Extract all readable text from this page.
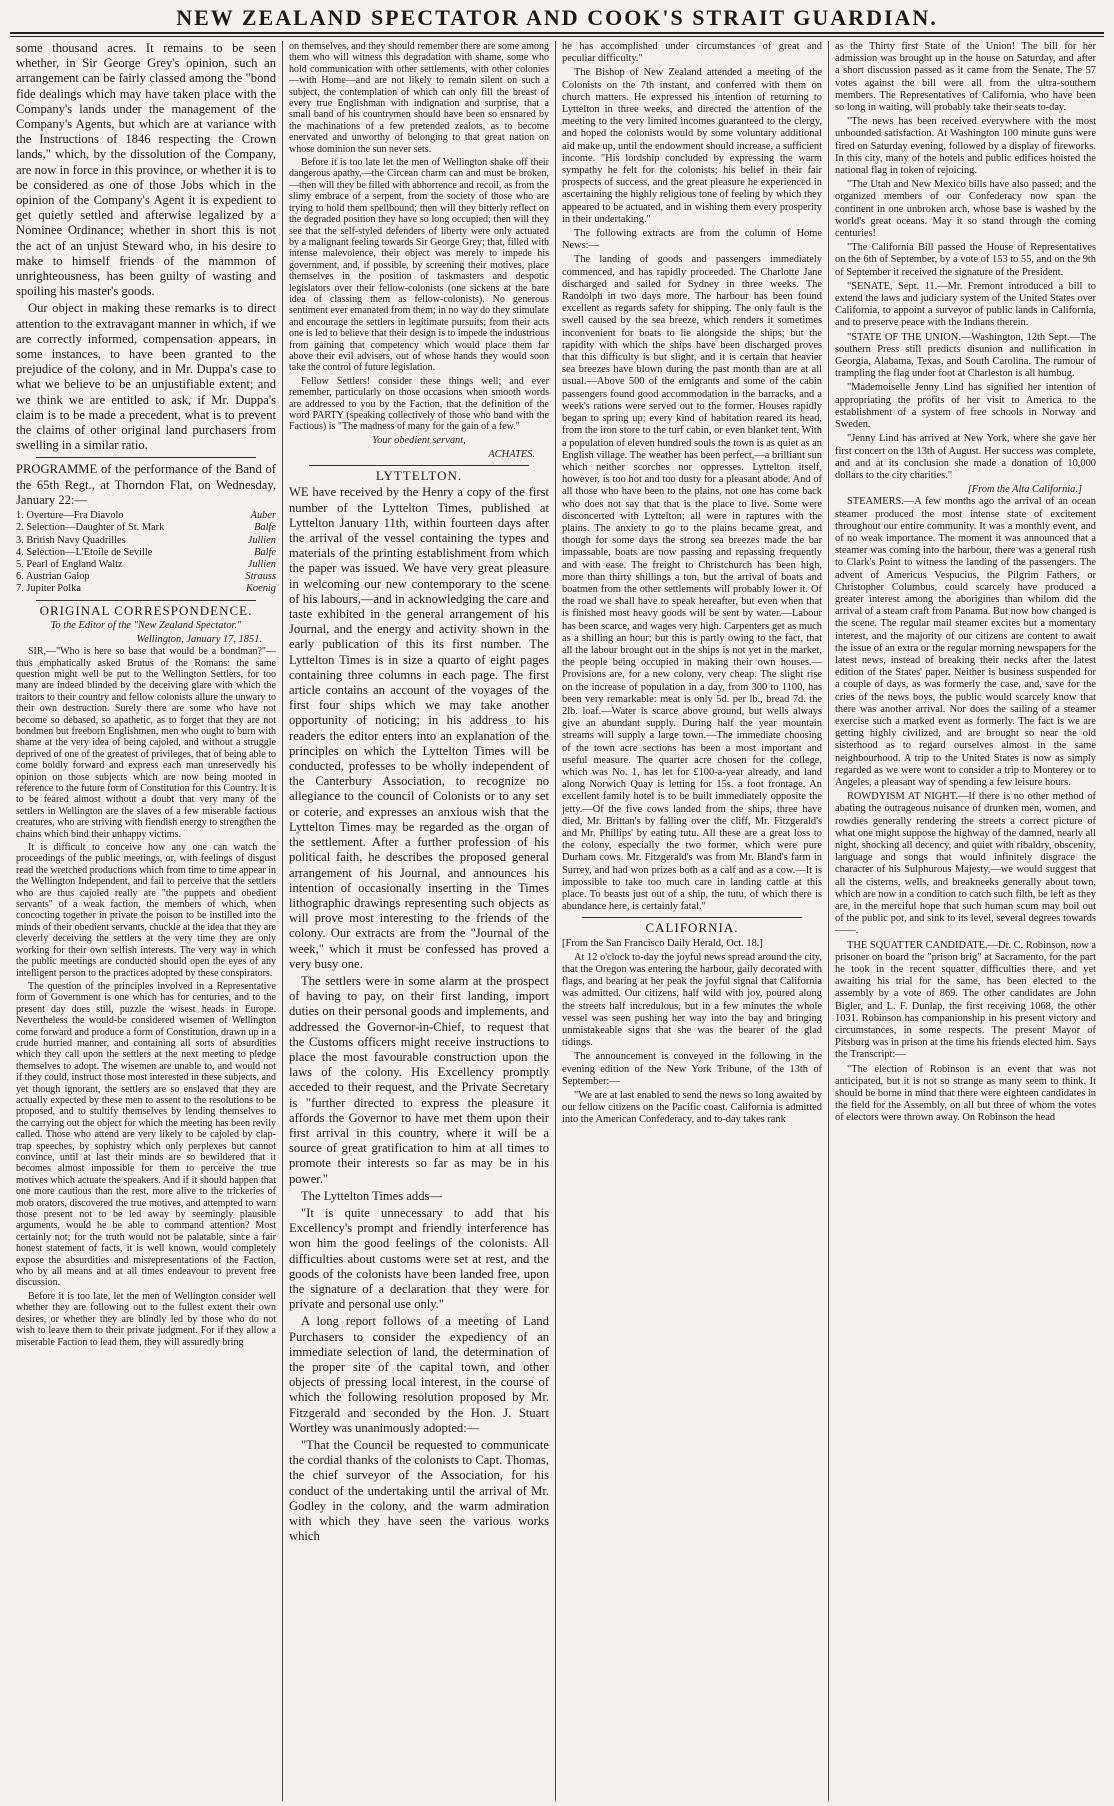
NEW ZEALAND SPECTATOR AND COOK'S STRAIT GUARDIAN.

some thousand acres. It remains to be seen whether, in Sir George Grey's opinion, such an arrangement can be fairly classed among the "bond fide dealings which may have taken place with the Company's lands under the management of the Company's Agents, but which are at variance with the Instructions of 1846 respecting the Crown lands," which, by the dissolution of the Company, are now in force in this province, or whether it is to be considered as one of those Jobs which in the opinion of the Company's Agent it is expedient to get quietly settled and afterwise legalized by a Nominee Ordinance; whether in short this is not the act of an unjust Steward who, in his desire to make to himself friends of the mammon of unrighteousness, has been guilty of wasting and spoiling his master's goods.

Our object in making these remarks is to direct attention to the extravagant manner in which, if we are correctly informed, compensation appears, in some instances, to have been granted to the prejudice of the colony, and in Mr. Duppa's case to what we believe to be an unjustifiable extent; and we think we are entitled to ask, if Mr. Duppa's claim is to be made a precedent, what is to prevent the claims of other original land purchasers from swelling in a similar ratio.

PROGRAMME of the performance of the Band of the 65th Regt., at Thorndon Flat, on Wednesday, January 22:—

1. Overture—Fra Diavolo	Auber
2. Selection—Daughter of St. Mark	Balfe
3. British Navy Quadrilles	Jullien
4. Selection—L'Etoile de Seville	Balfe
5. Pearl of England Waltz	Jullien
6. Austrian Galop	Strauss
7. Jupiter Polka	Koenig
ORIGINAL CORRESPONDENCE.
To the Editor of the "New Zealand Spectator."
Wellington, January 17, 1851.

SIR,—"Who is here so base that would be a bondman?"—thus emphatically asked Brutus of the Romans: the same question might well be put to the Wellington Settlers, for too many are indeed blinded by the deceiving glare with which the traitors to their country and fellow colonists allure the unwary to their own destruction. Surely there are some who have not become so debased, so apathetic, as to forget that they are not bondmen but freeborn Englishmen, men who ought to burn with shame at the very idea of being cajoled, and without a struggle deprived of one of the greatest of privileges, that of being able to come boldly forward and express each man unreservedly his opinion on those subjects which are now being mooted in reference to the future form of Constitution for this Country. It is to be feared almost without a doubt that very many of the settlers in Wellington are the slaves of a few miserable factious creatures, who are striving with fiendish energy to strengthen the chains which bind their unhappy victims.

It is difficult to conceive how any one can watch the proceedings of the public meetings, or, with feelings of disgust read the wretched productions which from time to time appear in the Wellington Independent, and fail to perceive that the settlers who are thus cajoled really are "the puppets and obedient servants" of a weak faction, the members of which, when concocting together in private the poison to be instilled into the minds of their obedient servants, chuckle at the idea that they are cleverly deceiving the settlers at the very time they are only working for their own selfish interests. The very way in which the public meetings are conducted should open the eyes of any intelligent person to the practices adopted by these conspirators.

The question of the principles involved in a Representative form of Government is one which has for centuries, and to the present day does still, puzzle the wisest heads in Europe. Nevertheless the would-be considered wisemen of Wellington come forward and produce a form of Constitution, drawn up in a crude hurried manner, and containing all sorts of absurdities which they call upon the settlers at the next meeting to pledge themselves to adopt. The wisemen are unable to, and would not if they could, instruct those most interested in these subjects, and yet though ignorant, the settlers are so enslaved that they are actually expected by these men to assent to the resolutions to be proposed, and to stultify themselves by lending themselves to the carrying out the object for which the meeting has been revily called. Those who attend are very likely to be cajoled by clap-trap speeches, by sophistry which only perplexes but cannot convince, until at last their minds are so bewildered that it becomes almost impossible for them to perceive the true motives which actuate the speakers. And if it should happen that one more cautious than the rest, more alive to the trickeries of mob orators, discovered the true motives, and attempted to warn those present not to be led away by seemingly plausible arguments, would he be able to command attention? Most certainly not; for the truth would not be palatable, since a fair honest statement of facts, it is well known, would completely expose the absurdities and misrepresentations of the Faction, who by all means and at all times endeavour to prevent free discussion.

Before it is too late, let the men of Wellington consider well whether they are following out to the fullest extent their own desires, or whether they are blindly led by those who do not wish to leave them to their private judgment. For if they allow a miserable Faction to lead them, they will assuredly bring

on themselves, and they should remember there are some among them who will witness this degradation with shame, some who hold communication with other settlements, with other colonies—with Home—and are not likely to remain silent on such a subject, the contemplation of which can only fill the breast of every true Englishman with indignation and surprise, that a small band of his countrymen should have been so ensnared by the machinations of a few pretended zealots, as to become enervated and unworthy of belonging to that great nation on whose dominion the sun never sets.

Before it is too late let the men of Wellington shake off their dangerous apathy,—the Circean charm can and must be broken,—then will they be filled with abhorrence and recoil, as from the slimy embrace of a serpent, from the society of those who are trying to hold them spellbound; then will they bitterly reflect on the degraded position they have so long occupied; then will they see that the self-styled defenders of liberty were only actuated by a malignant feeling towards Sir George Grey; that, filled with intense malevolence, their object was merely to impede his government, and, if possible, by screening their motives, place themselves in the position of taskmasters and despotic legislators over their fellow-colonists (one sickens at the bare idea of classing them as fellow-colonists). No generous sentiment ever emanated from them; in no way do they stimulate and encourage the settlers in legitimate pursuits; from their acts one is led to believe that their design is to impede the industrious from gaining that competency which would place them far above their evil advisers, out of whose hands they would soon take the control of future legislation.

Fellow Settlers! consider these things well; and ever remember, particularly on those occasions when smooth words are addressed to you by the Faction, that the definition of the word PARTY (speaking collectively of those who band with the Factious) is "The madness of many for the gain of a few."

Your obedient servant,
ACHATES.
LYTTELTON.

WE have received by the Henry a copy of the first number of the Lyttelton Times, published at Lyttelton January 11th, within fourteen days after the arrival of the vessel containing the types and materials of the printing establishment from which the paper was issued. We have very great pleasure in welcoming our new contemporary to the scene of his labours,—and in acknowledging the care and taste exhibited in the general arrangement of his Journal, and the energy and activity shown in the early publication of this its first number. The Lyttelton Times is in size a quarto of eight pages containing three columns in each page. The first article contains an account of the voyages of the first four ships which we may take another opportunity of noticing; in his address to his readers the editor enters into an explanation of the principles on which the Lyttelton Times will be conducted, professes to be wholly independent of the Canterbury Association, to recognize no allegiance to the council of Colonists or to any set or coterie, and expresses an anxious wish that the Lyttelton Times may be regarded as the organ of the settlement. After a further profession of his political faith, he describes the proposed general arrangement of his Journal, and announces his intention of occasionally inserting in the Times lithographic drawings representing such objects as will prove most interesting to the friends of the colony. Our extracts are from the "Journal of the week," which it must be confessed has proved a very busy one.

The settlers were in some alarm at the prospect of having to pay, on their first landing, import duties on their personal goods and implements, and addressed the Governor-in-Chief, to request that the Customs officers might receive instructions to place the most favourable construction upon the laws of the colony. His Excellency promptly acceded to their request, and the Private Secretary is "further directed to express the pleasure it affords the Governor to have met them upon their first arrival in this country, where it will be a source of great gratification to him at all times to promote their interests so far as may be in his power."

The Lyttelton Times adds—

"It is quite unnecessary to add that his Excellency's prompt and friendly interference has won him the good feelings of the colonists. All difficulties about customs were set at rest, and the goods of the colonists have been landed free, upon the signature of a declaration that they were for private and personal use only."

A long report follows of a meeting of Land Purchasers to consider the expediency of an immediate selection of land, the determination of the proper site of the capital town, and other objects of pressing local interest, in the course of which the following resolution proposed by Mr. Fitzgerald and seconded by the Hon. J. Stuart Wortley was unanimously adopted:—

"That the Council be requested to communicate the cordial thanks of the colonists to Capt. Thomas, the chief surveyor of the Association, for his conduct of the undertaking until the arrival of Mr. Godley in the colony, and the warm admiration with which they have seen the various works which

he has accomplished under circumstances of great and peculiar difficulty."

The Bishop of New Zealand attended a meeting of the Colonists on the 7th instant, and conferred with them on church matters. He expressed his intention of returning to Lyttelton in three weeks, and directed the attention of the meeting to the very limited incomes guaranteed to the clergy, and hoped the colonists would by some voluntary additional aid make up, until the endowment should increase, a sufficient income. "His lordship concluded by expressing the warm sympathy he felt for the colonists; his belief in their fair prospects of success, and the great pleasure he experienced in ascertaining the highly religious tone of feeling by which they appeared to be actuated, and in wishing them every prosperity in their undertaking."

The following extracts are from the column of Home News:—

The landing of goods and passengers immediately commenced, and has rapidly proceeded. The Charlotte Jane discharged and sailed for Sydney in three weeks. The Randolph in two days more. The harbour has been found excellent as regards safety for shipping. The only fault is the swell caused by the sea breeze, which renders it sometimes inconvenient for boats to lie alongside the ships; but the rapidity with which the ships have been discharged proves that this difficulty is but slight, and it is certain that heavier sea breezes have blown during the past month than are at all usual.—Above 500 of the emigrants and some of the cabin passengers found good accommodation in the barracks, and a week's rations were served out to the former. Houses rapidly began to spring up; every kind of habitation reared its head, from the iron store to the turf cabin, or even blanket tent. With a population of eleven hundred souls the town is as quiet as an English village. The weather has been perfect,—a brilliant sun which neither scorches nor oppresses. Lyttelton itself, however, is too hot and too dusty for a pleasant abode. And of all those who have been to the plains, not one has come back who does not say that that is the place to live. Some were disconcerted with Lyttelton; all were in raptures with the plains. The anxiety to go to the plains became great, and though for some days the strong sea breezes made the bar impassable, boats are now passing and repassing frequently and with ease. The freight to Christchurch has been high, more than thirty shillings a ton, but the arrival of boats and boatmen from the other settlements will probably lower it. Of the road we shall have to speak hereafter, but even when that is finished most heavy goods will be sent by water.—Labour has been scarce, and wages very high. Carpenters get as much as a shilling an hour; but this is partly owing to the fact, that all the labour brought out in the ships is not yet in the market, the people being occupied in making their own houses.—Provisions are, for a new colony, very cheap. The slight rise on the increase of population in a day, from 300 to 1100, has been very remarkable: meat is only 5d. per lb., bread 7d. the 2lb. loaf.—Water is scarce above ground, but wells always give an abundant supply. During half the year mountain streams will supply a large town.—The immediate choosing of the town acre sections has been a most important and useful measure. The quarter acre chosen for the college, which was No. 1, has let for £100-a-year already, and land along Norwich Quay is letting for 15s. a foot frontage. An excellent family hotel is to be built immediately opposite the jetty.—Of the five cows landed from the ships, three have died, Mr. Brittan's by falling over the cliff, Mr. Fitzgerald's and Mr. Phillips' by eating tutu. All these are a great loss to the colony, especially the two former, which were pure Durham cows. Mr. Fitzgerald's was from Mr. Bland's farm in Surrey, and had won prizes both as a calf and as a cow.—It is impossible to take too much care in landing cattle at this place. To beasts just out of a ship, the tutu, of which there is abundance here, is certainly fatal."

CALIFORNIA.

[From the San Francisco Daily Herald, Oct. 18.]

At 12 o'clock to-day the joyful news spread around the city, that the Oregon was entering the harbour, gaily decorated with flags, and bearing at her peak the joyful signal that California was admitted. Our citizens, half wild with joy, poured along the streets half incredulous, but in a few minutes the whole vessel was seen pushing her way into the bay and bringing unmistakeable signs that she was the bearer of the glad tidings.

The announcement is conveyed in the following in the evening edition of the New York Tribune, of the 13th of September:—

"We are at last enabled to send the news so long awaited by our fellow citizens on the Pacific coast. California is admitted into the American Confederacy, and to-day takes rank

as the Thirty first State of the Union! The bill for her admission was brought up in the house on Saturday, and after a short discussion passed as it came from the Senate. The 57 votes against the bill were all from the ultra-southern members. The Representatives of California, who have been so long in waiting, will probably take their seats to-day.

"The news has been received everywhere with the most unbounded satisfaction. At Washington 100 minute guns were fired on Saturday evening, followed by a display of fireworks. In this city, many of the hotels and public edifices hoisted the national flag in token of rejoicing.

"The Utah and New Mexico bills have also passed; and the organized members of our Confederacy now span the continent in one unbroken arch, whose base is washed by the world's great oceans. May it so stand through the coming centuries!

"The California Bill passed the House of Representatives on the 6th of September, by a vote of 153 to 55, and on the 9th of September it received the signature of the President.

"SENATE, Sept. 11.—Mr. Fremont introduced a bill to extend the laws and judiciary system of the United States over California, to appoint a surveyor of public lands in California, and to preserve peace with the Indians therein.

"STATE OF THE UNION.—Washington, 12th Sept.—The southern Press still predicts disunion and nullification in Georgia, Alabama, Texas, and South Carolina. The rumour of trampling the flag under foot at Charleston is all humbug.

"Mademoiselle Jenny Lind has signified her intention of appropriating the profits of her visit to America to the establishment of a system of free schools in Norway and Sweden.

"Jenny Lind has arrived at New York, where she gave her first concert on the 13th of August. Her success was complete, and and at its conclusion she made a donation of 10,000 dollars to the city charities."

[From the Alta California.]

STEAMERS.—A few months ago the arrival of an ocean steamer produced the most intense state of excitement throughout our entire community. It was a monthly event, and of no weak importance. The moment it was announced that a steamer was coming into the harbour, there was a general rush to Clark's Point to witness the landing of the passengers. The advent of Americus Vespucius, the Pilgrim Fathers, or Christopher Columbus, could scarcely have produced a greater interest among the aborigines than whilom did the arrival of a steam craft from Panama. But now how changed is the scene. The regular mail steamer excites but a momentary interest, and the majority of our citizens are content to await the issue of an extra or the regular morning newspapers for the latest news, instead of breaking their necks after the latest edition of the States' paper. Neither is business suspended for a couple of days, as was formerly the case, and, save for the cries of the news boys, the public would scarcely know that there was another arrival. Nor does the sailing of a steamer exercise such a marked event as formerly. The fact is we are getting highly civilized, and are brought so near the old sisterhood as to regard ourselves almost in the same neighbourhood. A trip to the United States is now as simply regarded as we were wont to consider a trip to Monterey or to Angeles, a pleasant way of spending a few leisure hours.

ROWDYISM AT NIGHT.—If there is no other method of abating the outrageous nuisance of drunken men, women, and rowdies generally rendering the streets a correct picture of what one might suppose the highway of the damned, nearly all night, shocking all decency, and quiet with ribaldry, obscenity, language and songs that would infinitely disgrace the character of his Sulphurous Majesty,—we would suggest that all the cisterns, wells, and breakneeks generally about town, which are now in a condition to catch such filth, be left as they are, in the merciful hope that such human scum may boil out of the public pot, and sink to its level, several degrees towards ——.

THE SQUATTER CANDIDATE.—Dr. C. Robinson, now a prisoner on board the "prison brig" at Sacramento, for the part he took in the recent squatter difficulties there, and yet awaiting his trial for the same, has been elected to the assembly by a vote of 869. The other candidates are John Bigler, and L. F. Dunlap, the first receiving 1068, the other 1031. Robinson has companionship in his present victory and circumstances, in some respects. The present Mayor of Pitsburg was in prison at the time his friends elected him. Says the Transcript:—

"The election of Robinson is an event that was not anticipated, but it is not so strange as many seem to think. It should be borne in mind that there were eighteen candidates in the field for the Assembly, on all but three of whom the votes of electors were thrown away. On Robinson the head
